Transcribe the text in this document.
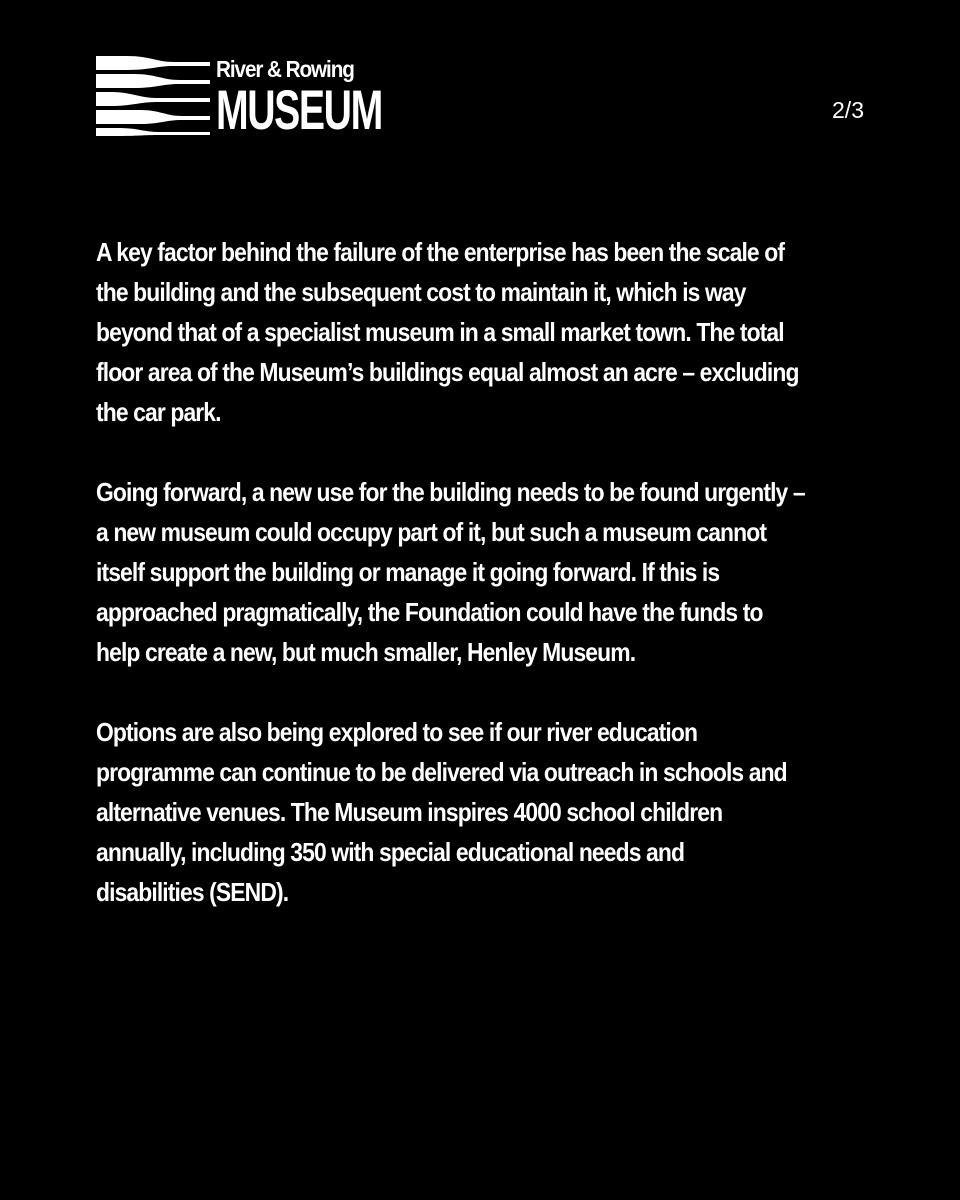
River & Rowing
MUSEUM	2/3

A key factor behind the failure of the enterprise has been the scale of
the building and the subsequent cost to maintain it, which is way
beyond that of a specialist museum in a small market town. The total
floor area of the Museum’s buildings equal almost an acre – excluding
the car park.

Going forward, a new use for the building needs to be found urgently –
a new museum could occupy part of it, but such a museum cannot
itself support the building or manage it going forward. If this is
approached pragmatically, the Foundation could have the funds to
help create a new, but much smaller, Henley Museum.

Options are also being explored to see if our river education
programme can continue to be delivered via outreach in schools and
alternative venues. The Museum inspires 4000 school children
annually, including 350 with special educational needs and
disabilities (SEND).
